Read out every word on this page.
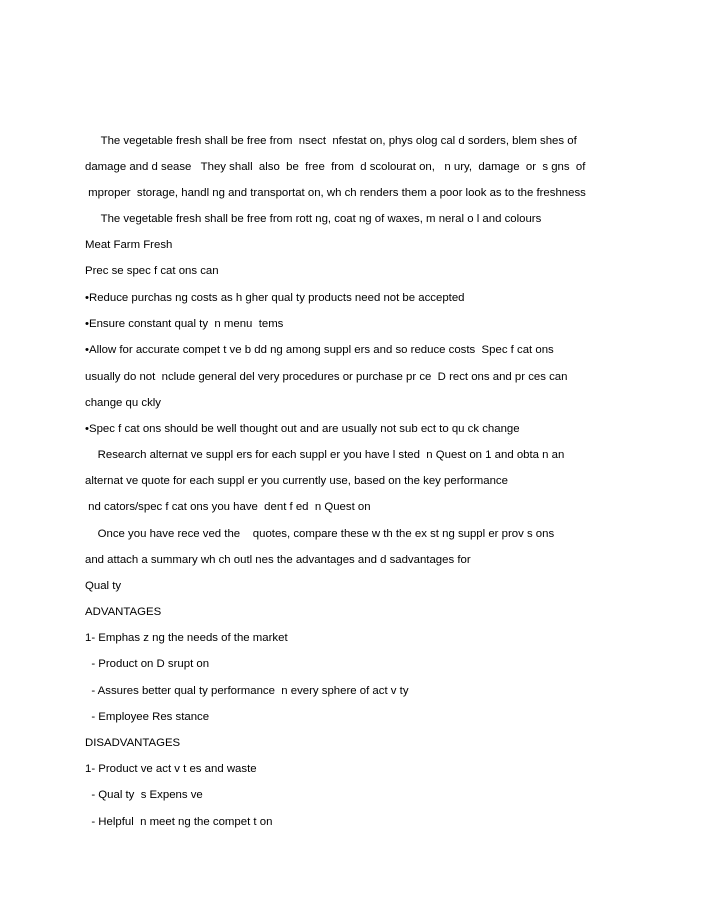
The vegetable fresh shall be free from  nsect  nfestat on, phys olog cal d sorders, blem shes of

damage and d sease   They shall  also  be  free  from  d scolourat on,   n ury,  damage  or  s gns  of

mproper  storage, handl ng and transportat on, wh ch renders them a poor look as to the freshness

The vegetable fresh shall be free from rott ng, coat ng of waxes, m neral o l and colours

Meat Farm Fresh

Prec se spec f cat ons can

• Reduce purchas ng costs as h gher qual ty products need not be accepted
• Ensure constant qual ty  n menu  tems
• Allow for accurate compet t ve b dd ng among suppl ers and so reduce costs  Spec f cat ons

usually do not  nclude general del very procedures or purchase pr ce  D rect ons and pr ces can

change qu ckly

• Spec f cat ons should be well thought out and are usually not sub ect to qu ck change

Research alternat ve suppl ers for each suppl er you have l sted  n Quest on 1 and obta n an

alternat ve quote for each suppl er you currently use, based on the key performance

nd cators/spec f cat ons you have  dent f ed  n Quest on

Once you have rece ved the    quotes, compare these w th the ex st ng suppl er prov s ons

and attach a summary wh ch outl nes the advantages and d sadvantages for

Qual ty

ADVANTAGES

1- Emphas z ng the needs of the market

- Product on D srupt on

- Assures better qual ty performance  n every sphere of act v ty

- Employee Res stance

DISADVANTAGES

1- Product ve act v t es and waste

- Qual ty  s Expens ve

- Helpful  n meet ng the compet t on
